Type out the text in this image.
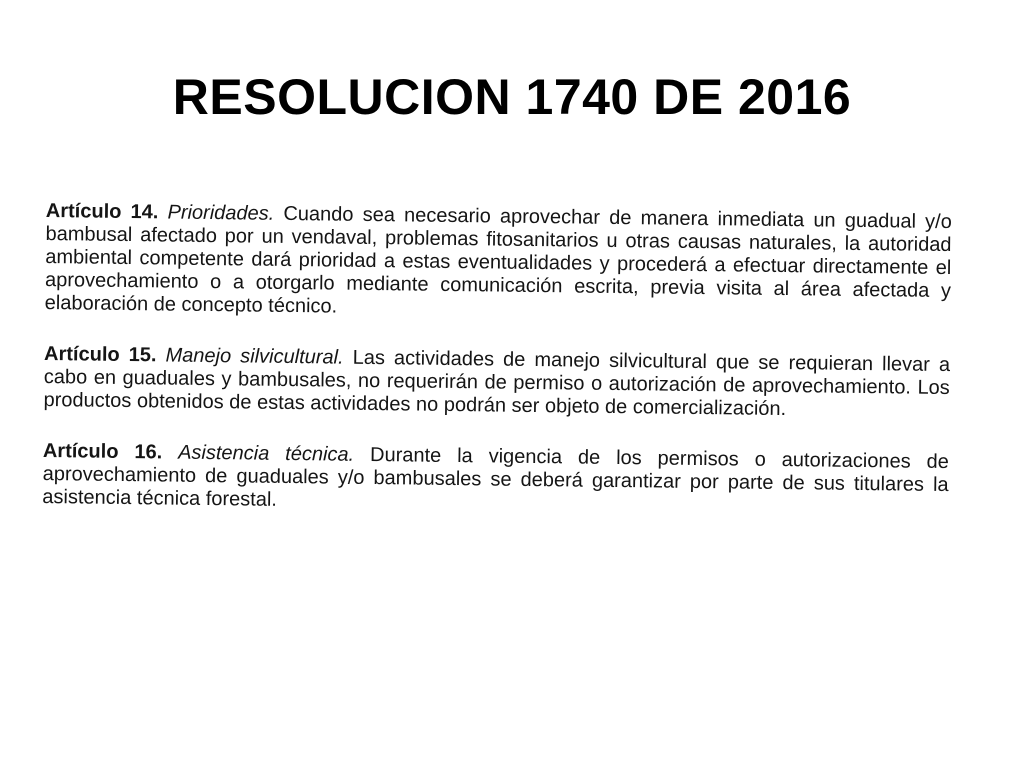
RESOLUCION 1740 DE 2016

Artículo 14. Prioridades. Cuando sea necesario aprovechar de manera inmediata un guadual y/o bambusal afectado por un vendaval, problemas fitosanitarios u otras causas naturales, la autoridad ambiental competente dará prioridad a estas eventualidades y procederá a efectuar directamente el aprovechamiento o a otorgarlo mediante comunicación escrita, previa visita al área afectada y elaboración de concepto técnico.

Artículo 15. Manejo silvicultural. Las actividades de manejo silvicultural que se requieran llevar a cabo en guaduales y bambusales, no requerirán de permiso o autorización de aprovechamiento. Los productos obtenidos de estas actividades no podrán ser objeto de comercialización.

Artículo 16. Asistencia técnica. Durante la vigencia de los permisos o autorizaciones de aprovechamiento de guaduales y/o bambusales se deberá garantizar por parte de sus titulares la asistencia técnica forestal.
